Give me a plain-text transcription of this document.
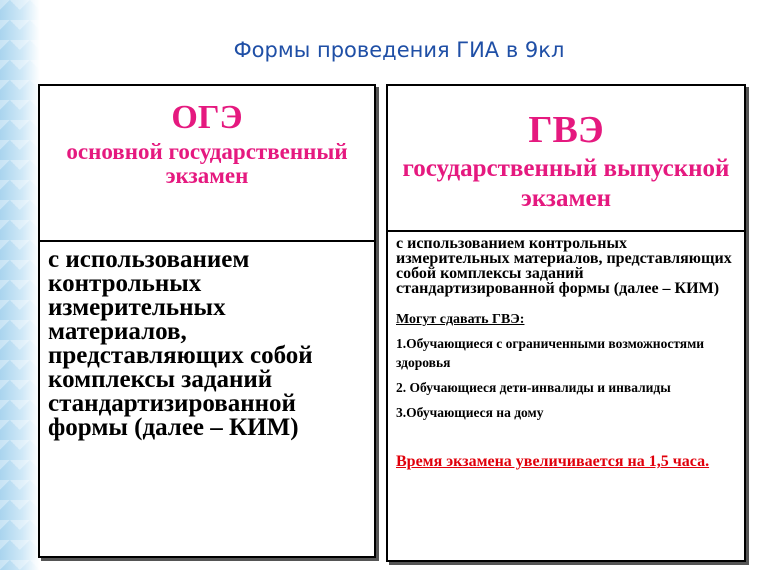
Формы проведения ГИА в 9кл
ОГЭ
основной государственный экзамен
с использованием контрольных измерительных материалов, представляющих собой комплексы заданий стандартизированной формы (далее – КИМ)
ГВЭ
государственный выпускной экзамен
с использованием контрольных измерительных материалов, представляющих собой комплексы заданий стандартизированной формы (далее – КИМ)
Могут сдавать ГВЭ:
1.Обучающиеся с ограниченными возможностями здоровья
2. Обучающиеся дети-инвалиды и инвалиды
3.Обучающиеся на дому
Время экзамена увеличивается на 1,5 часа.
